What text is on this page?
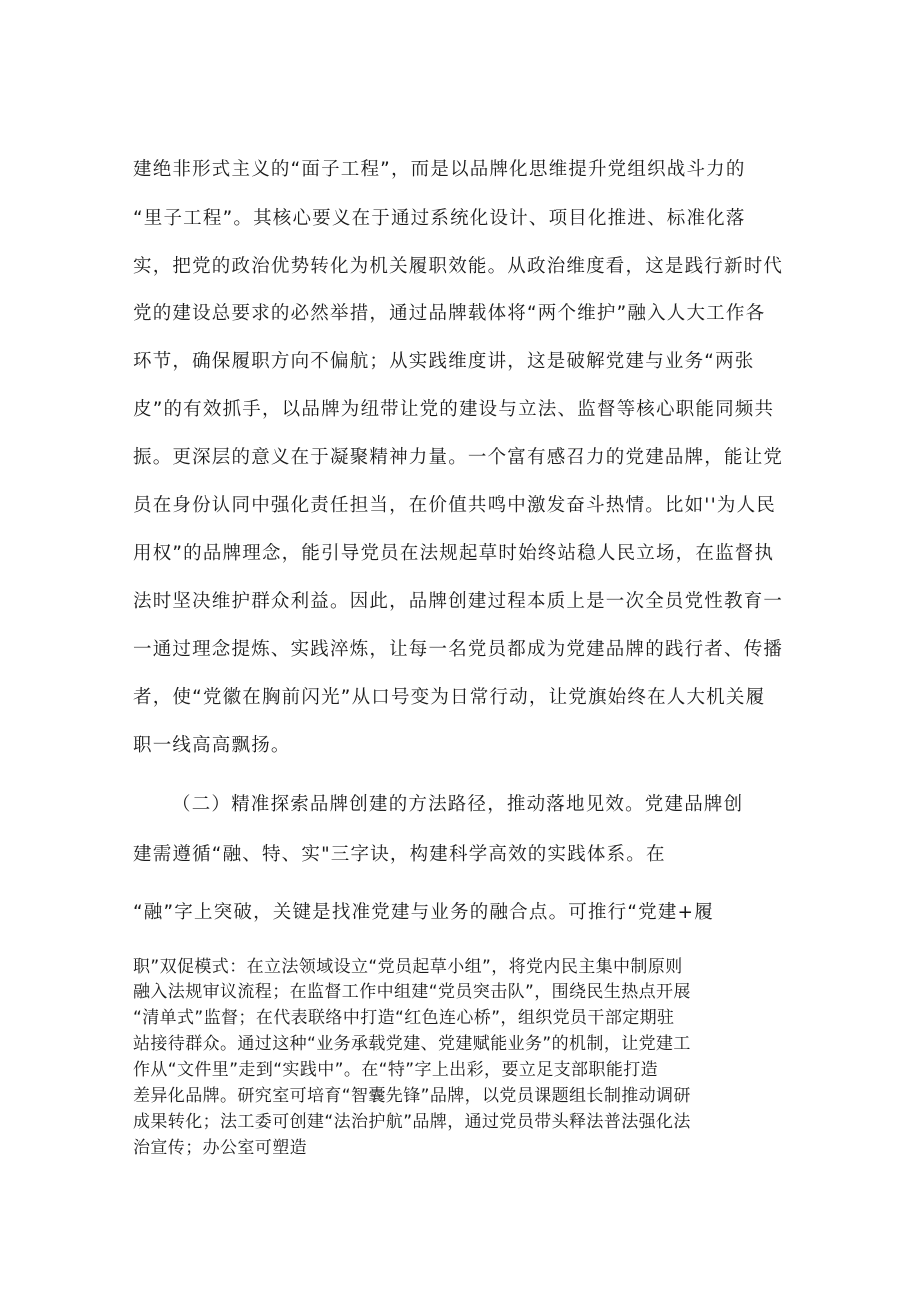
建绝非形式主义的“面子工程”，而是以品牌化思维提升党组织战斗力的
“里子工程”。其核心要义在于通过系统化设计、项目化推进、标准化落
实，把党的政治优势转化为机关履职效能。从政治维度看，这是践行新时代
党的建设总要求的必然举措，通过品牌载体将“两个维护”融入人大工作各
环节，确保履职方向不偏航；从实践维度讲，这是破解党建与业务“两张
皮”的有效抓手，以品牌为纽带让党的建设与立法、监督等核心职能同频共
振。更深层的意义在于凝聚精神力量。一个富有感召力的党建品牌，能让党
员在身份认同中强化责任担当，在价值共鸣中激发奋斗热情。比如''为人民
用权”的品牌理念，能引导党员在法规起草时始终站稳人民立场，在监督执
法时坚决维护群众利益。因此，品牌创建过程本质上是一次全员党性教育一
一通过理念提炼、实践淬炼，让每一名党员都成为党建品牌的践行者、传播
者，使“党徽在胸前闪光”从口号变为日常行动，让党旗始终在人大机关履
职一线高高飘扬。
（二）精准探索品牌创建的方法路径，推动落地见效。党建品牌创
建需遵循“融、特、实"三字诀，构建科学高效的实践体系。在
“融”字上突破，关键是找准党建与业务的融合点。可推行“党建+履
职”双促模式：在立法领域设立“党员起草小组”，将党内民主集中制原则
融入法规审议流程；在监督工作中组建“党员突击队”，围绕民生热点开展
“清单式”监督；在代表联络中打造“红色连心桥”，组织党员干部定期驻
站接待群众。通过这种“业务承载党建、党建赋能业务”的机制，让党建工
作从“文件里”走到“实践中”。在“特”字上出彩，要立足支部职能打造
差异化品牌。研究室可培育“智囊先锋”品牌，以党员课题组长制推动调研
成果转化；法工委可创建“法治护航”品牌，通过党员带头释法普法强化法
治宣传；办公室可塑造
